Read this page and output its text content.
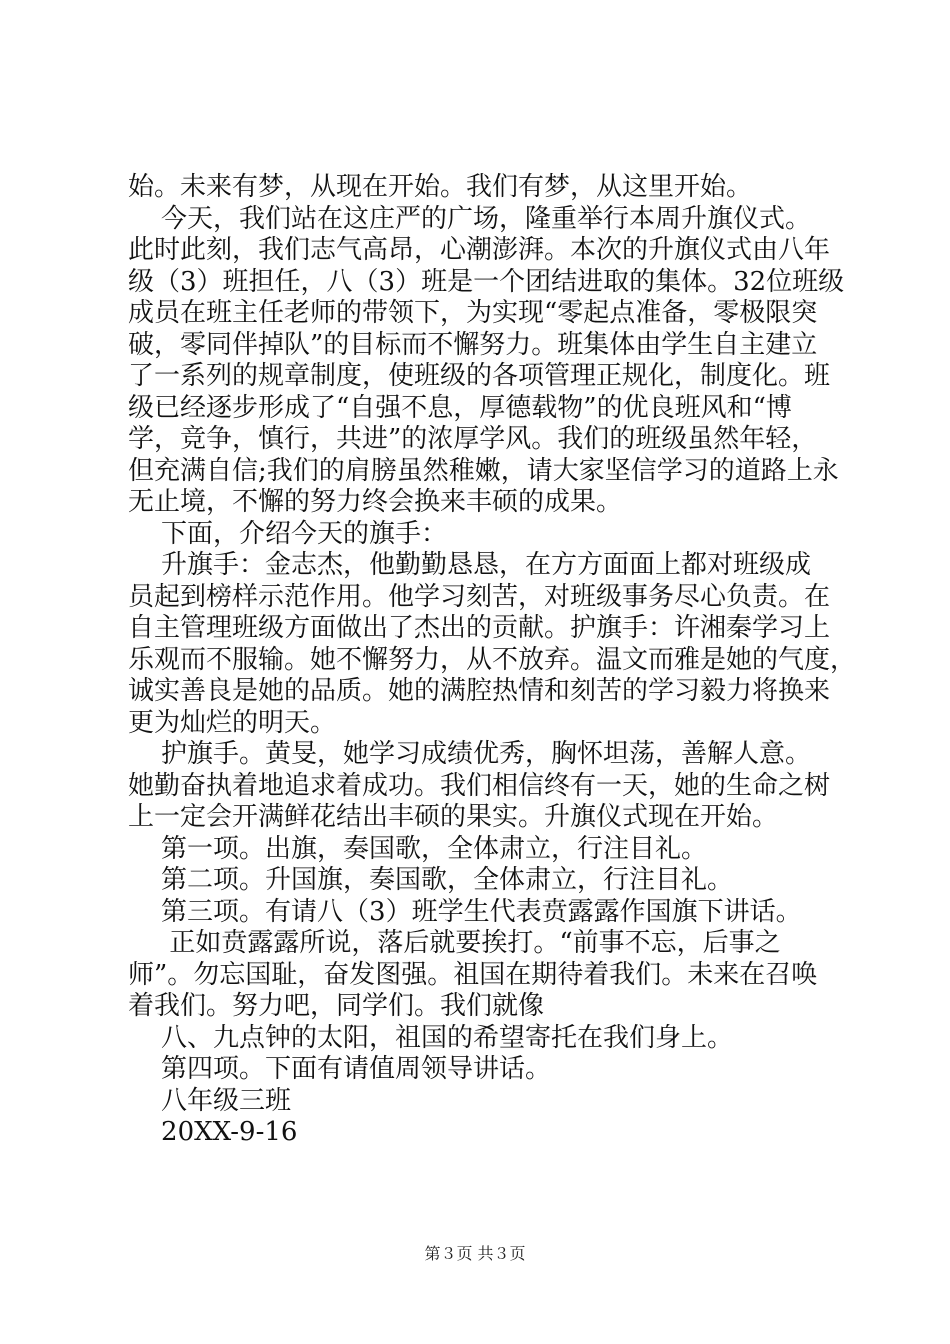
始。未来有梦，从现在开始。我们有梦，从这里开始。
今天，我们站在这庄严的广场，隆重举行本周升旗仪式。
此时此刻，我们志气高昂，心潮澎湃。本次的升旗仪式由八年
级（3）班担任，八（3）班是一个团结进取的集体。32位班级
成员在班主任老师的带领下，为实现“零起点准备，零极限突
破，零同伴掉队”的目标而不懈努力。班集体由学生自主建立
了一系列的规章制度，使班级的各项管理正规化，制度化。班
级已经逐步形成了“自强不息，厚德载物”的优良班风和“博
学，竞争，慎行，共进”的浓厚学风。我们的班级虽然年轻，
但充满自信;我们的肩膀虽然稚嫩，请大家坚信学习的道路上永
无止境，不懈的努力终会换来丰硕的成果。
下面，介绍今天的旗手：
升旗手：金志杰，他勤勤恳恳，在方方面面上都对班级成
员起到榜样示范作用。他学习刻苦，对班级事务尽心负责。在
自主管理班级方面做出了杰出的贡献。护旗手：许湘秦学习上
乐观而不服输。她不懈努力，从不放弃。温文而雅是她的气度，
诚实善良是她的品质。她的满腔热情和刻苦的学习毅力将换来
更为灿烂的明天。
护旗手。黄旻，她学习成绩优秀，胸怀坦荡，善解人意。
她勤奋执着地追求着成功。我们相信终有一天，她的生命之树
上一定会开满鲜花结出丰硕的果实。升旗仪式现在开始。
第一项。出旗，奏国歌，全体肃立，行注目礼。
第二项。升国旗，奏国歌，全体肃立，行注目礼。
第三项。有请八（3）班学生代表贲露露作国旗下讲话。
正如贲露露所说，落后就要挨打。“前事不忘，后事之
师”。勿忘国耻，奋发图强。祖国在期待着我们。未来在召唤
着我们。努力吧，同学们。我们就像
八、九点钟的太阳，祖国的希望寄托在我们身上。
第四项。下面有请值周领导讲话。
八年级三班
20XX-9-16
第３页 共３页
